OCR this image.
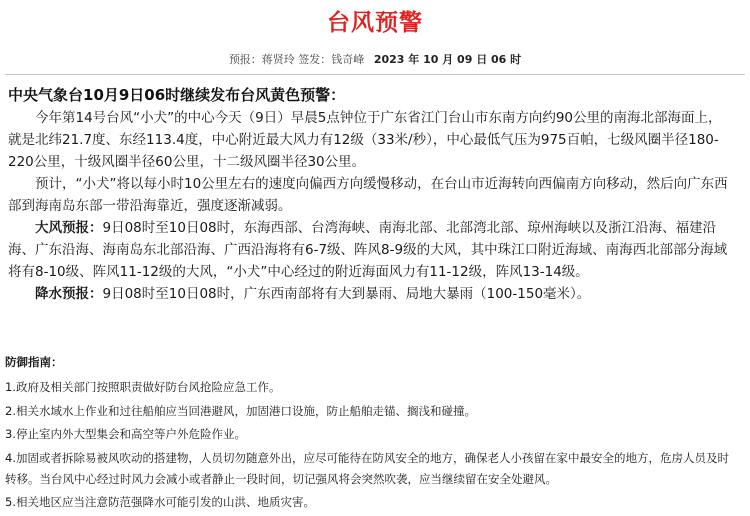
台风预警
预报：蒋贤玲 签发：钱奇峰 2023 年 10 月 09 日 06 时
中央气象台10月9日06时继续发布台风黄色预警：

今年第14号台风“小犬”的中心今天（9日）早晨5点钟位于广东省江门台山市东南方向约90公里的南海北部海面上，就是北纬21.7度、东经113.4度，中心附近最大风力有12级（33米/秒），中心最低气压为975百帕，七级风圈半径180-220公里，十级风圈半径60公里，十二级风圈半径30公里。

预计，“小犬”将以每小时10公里左右的速度向偏西方向缓慢移动，在台山市近海转向西偏南方向移动，然后向广东西部到海南岛东部一带沿海靠近，强度逐渐减弱。

大风预报：9日08时至10日08时，东海西部、台湾海峡、南海北部、北部湾北部、琼州海峡以及浙江沿海、福建沿海、广东沿海、海南岛东北部沿海、广西沿海将有6-7级、阵风8-9级的大风，其中珠江口附近海域、南海西北部部分海域将有8-10级、阵风11-12级的大风，“小犬”中心经过的附近海面风力有11-12级，阵风13-14级。

降水预报：9日08时至10日08时，广东西南部将有大到暴雨、局地大暴雨（100-150毫米）。

防御指南：
1.政府及相关部门按照职责做好防台风抢险应急工作。
2.相关水域水上作业和过往船舶应当回港避风，加固港口设施，防止船舶走锚、搁浅和碰撞。
3.停止室内外大型集会和高空等户外危险作业。
4.加固或者拆除易被风吹动的搭建物，人员切勿随意外出，应尽可能待在防风安全的地方，确保老人小孩留在家中最安全的地方，危房人员及时转移。当台风中心经过时风力会减小或者静止一段时间，切记强风将会突然吹袭，应当继续留在安全处避风。
5.相关地区应当注意防范强降水可能引发的山洪、地质灾害。
